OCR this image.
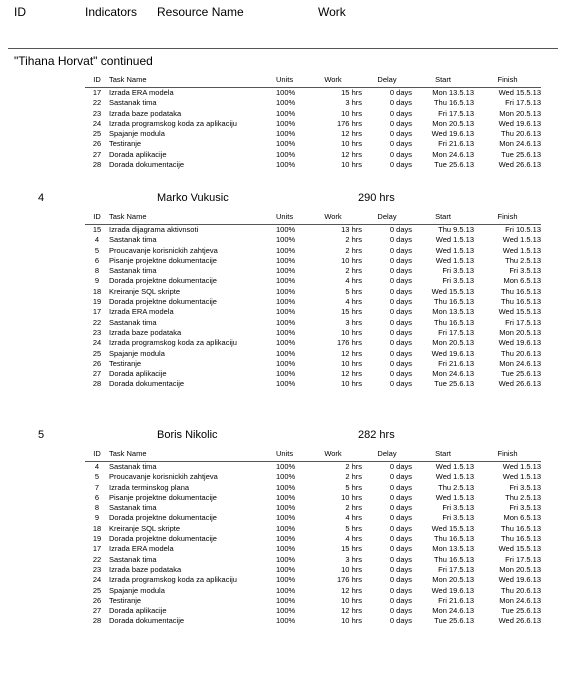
ID	Indicators Resource Name	Work
"Tihana Horvat" continued
ID	Task Name	Units	Work	Delay	Start	Finish
17	Izrada ERA modela	100%	15 hrs	0 days	Mon 13.5.13	Wed 15.5.13
22	Sastanak tima	100%	3 hrs	0 days	Thu 16.5.13	Fri 17.5.13
23	Izrada baze podataka	100%	10 hrs	0 days	Fri 17.5.13	Mon 20.5.13
24	Izrada programskog koda za aplikaciju	100%	176 hrs	0 days	Mon 20.5.13	Wed 19.6.13
25	Spajanje modula	100%	12 hrs	0 days	Wed 19.6.13	Thu 20.6.13
26	Testiranje	100%	10 hrs	0 days	Fri 21.6.13	Mon 24.6.13
27	Dorada aplikacije	100%	12 hrs	0 days	Mon 24.6.13	Tue 25.6.13
28	Dorada dokumentacije	100%	10 hrs	0 days	Tue 25.6.13	Wed 26.6.13
4	Marko Vukusic	290 hrs
ID	Task Name	Units	Work	Delay	Start	Finish
15	Izrada dijagrama aktivnsoti	100%	13 hrs	0 days	Thu 9.5.13	Fri 10.5.13
4	Sastanak tima	100%	2 hrs	0 days	Wed 1.5.13	Wed 1.5.13
5	Proucavanje korisnickih zahtjeva	100%	2 hrs	0 days	Wed 1.5.13	Wed 1.5.13
6	Pisanje projektne dokumentacije	100%	10 hrs	0 days	Wed 1.5.13	Thu 2.5.13
8	Sastanak tima	100%	2 hrs	0 days	Fri 3.5.13	Fri 3.5.13
9	Dorada projektne dokumentacije	100%	4 hrs	0 days	Fri 3.5.13	Mon 6.5.13
18	Kreiranje SQL skripte	100%	5 hrs	0 days	Wed 15.5.13	Thu 16.5.13
19	Dorada projektne dokumentacije	100%	4 hrs	0 days	Thu 16.5.13	Thu 16.5.13
17	Izrada ERA modela	100%	15 hrs	0 days	Mon 13.5.13	Wed 15.5.13
22	Sastanak tima	100%	3 hrs	0 days	Thu 16.5.13	Fri 17.5.13
23	Izrada baze podataka	100%	10 hrs	0 days	Fri 17.5.13	Mon 20.5.13
24	Izrada programskog koda za aplikaciju	100%	176 hrs	0 days	Mon 20.5.13	Wed 19.6.13
25	Spajanje modula	100%	12 hrs	0 days	Wed 19.6.13	Thu 20.6.13
26	Testiranje	100%	10 hrs	0 days	Fri 21.6.13	Mon 24.6.13
27	Dorada aplikacije	100%	12 hrs	0 days	Mon 24.6.13	Tue 25.6.13
28	Dorada dokumentacije	100%	10 hrs	0 days	Tue 25.6.13	Wed 26.6.13
5	Boris Nikolic	282 hrs
ID	Task Name	Units	Work	Delay	Start	Finish
4	Sastanak tima	100%	2 hrs	0 days	Wed 1.5.13	Wed 1.5.13
5	Proucavanje korisnickih zahtjeva	100%	2 hrs	0 days	Wed 1.5.13	Wed 1.5.13
7	Izrada terminskog plana	100%	5 hrs	0 days	Thu 2.5.13	Fri 3.5.13
6	Pisanje projektne dokumentacije	100%	10 hrs	0 days	Wed 1.5.13	Thu 2.5.13
8	Sastanak tima	100%	2 hrs	0 days	Fri 3.5.13	Fri 3.5.13
9	Dorada projektne dokumentacije	100%	4 hrs	0 days	Fri 3.5.13	Mon 6.5.13
18	Kreiranje SQL skripte	100%	5 hrs	0 days	Wed 15.5.13	Thu 16.5.13
19	Dorada projektne dokumentacije	100%	4 hrs	0 days	Thu 16.5.13	Thu 16.5.13
17	Izrada ERA modela	100%	15 hrs	0 days	Mon 13.5.13	Wed 15.5.13
22	Sastanak tima	100%	3 hrs	0 days	Thu 16.5.13	Fri 17.5.13
23	Izrada baze podataka	100%	10 hrs	0 days	Fri 17.5.13	Mon 20.5.13
24	Izrada programskog koda za aplikaciju	100%	176 hrs	0 days	Mon 20.5.13	Wed 19.6.13
25	Spajanje modula	100%	12 hrs	0 days	Wed 19.6.13	Thu 20.6.13
26	Testiranje	100%	10 hrs	0 days	Fri 21.6.13	Mon 24.6.13
27	Dorada aplikacije	100%	12 hrs	0 days	Mon 24.6.13	Tue 25.6.13
28	Dorada dokumentacije	100%	10 hrs	0 days	Tue 25.6.13	Wed 26.6.13
